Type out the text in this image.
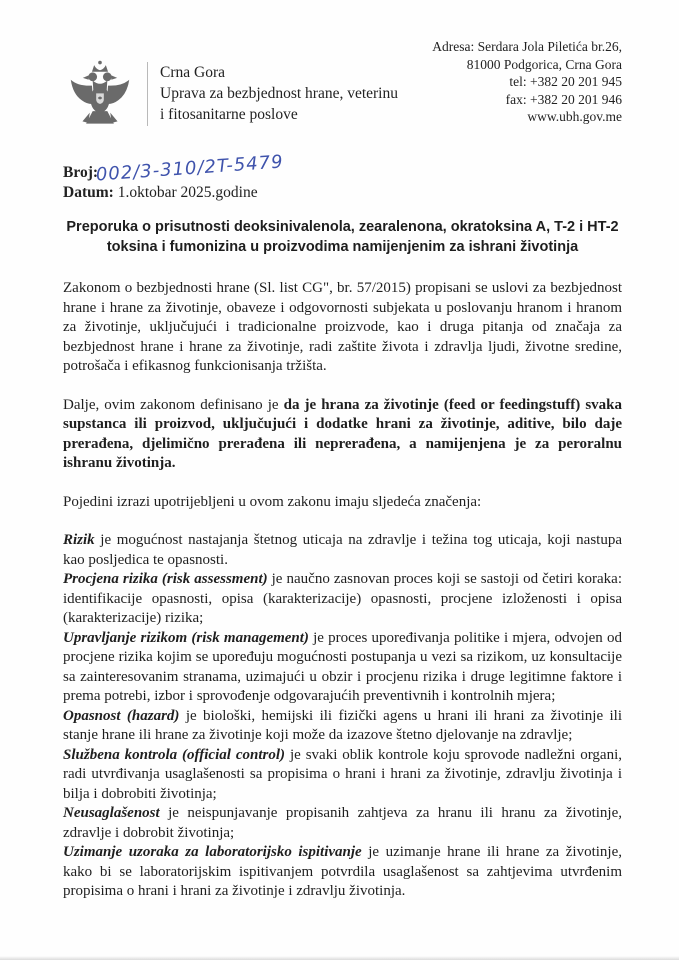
Crna Gora
Uprava za bezbjednost hrane, veterinu
i fitosanitarne poslove
Adresa: Serdara Jola Piletića br.26,
81000 Podgorica, Crna Gora
tel: +382 20 201 945
fax: +382 20 201 946
www.ubh.gov.me
Broj:002/3-310/2T-5479
Datum: 1.oktobar 2025.godine
Preporuka o prisutnosti deoksinivalenola, zearalenona, okratoksina A, T-2 i HT-2 toksina i fumonizina u proizvodima namijenjenim za ishrani životinja

Zakonom o bezbjednosti hrane (Sl. list CG", br. 57/2015) propisani se uslovi za bezbjednost hrane i hrane za životinje, obaveze i odgovornosti subjekata u poslovanju hranom i hranom za životinje, uključujući i tradicionalne proizvode, kao i druga pitanja od značaja za bezbjednost hrane i hrane za životinje, radi zaštite života i zdravlja ljudi, životne sredine, potrošača i efikasnog funkcionisanja tržišta.

Dalje, ovim zakonom definisano je da je hrana za životinje (feed or feedingstuff) svaka supstanca ili proizvod, uključujući i dodatke hrani za životinje, aditive, bilo daje prerađena, djelimično prerađena ili neprerađena, a namijenjena je za peroralnu ishranu životinja.

Pojedini izrazi upotrijebljeni u ovom zakonu imaju sljedeća značenja:

Rizik je mogućnost nastajanja štetnog uticaja na zdravlje i težina tog uticaja, koji nastupa kao posljedica te opasnosti.

Procjena rizika (risk assessment) je naučno zasnovan proces koji se sastoji od četiri koraka: identifikacije opasnosti, opisa (karakterizacije) opasnosti, procjene izloženosti i opisa (karakterizacije) rizika;

Upravljanje rizikom (risk management) je proces upoređivanja politike i mjera, odvojen od procjene rizika kojim se upoređuju mogućnosti postupanja u vezi sa rizikom, uz konsultacije sa zainteresovanim stranama, uzimajući u obzir i procjenu rizika i druge legitimne faktore i prema potrebi, izbor i sprovođenje odgovarajućih preventivnih i kontrolnih mjera;

Opasnost (hazard) je biološki, hemijski ili fizički agens u hrani ili hrani za životinje ili stanje hrane ili hrane za životinje koji može da izazove štetno djelovanje na zdravlje;

Službena kontrola (official control) je svaki oblik kontrole koju sprovode nadležni organi, radi utvrđivanja usaglašenosti sa propisima o hrani i hrani za životinje, zdravlju životinja i bilja i dobrobiti životinja;

Neusaglašenost je neispunjavanje propisanih zahtjeva za hranu ili hranu za životinje, zdravlje i dobrobit životinja;

Uzimanje uzoraka za laboratorijsko ispitivanje je uzimanje hrane ili hrane za životinje, kako bi se laboratorijskim ispitivanjem potvrdila usaglašenost sa zahtjevima utvrđenim propisima o hrani i hrani za životinje i zdravlju životinja.
